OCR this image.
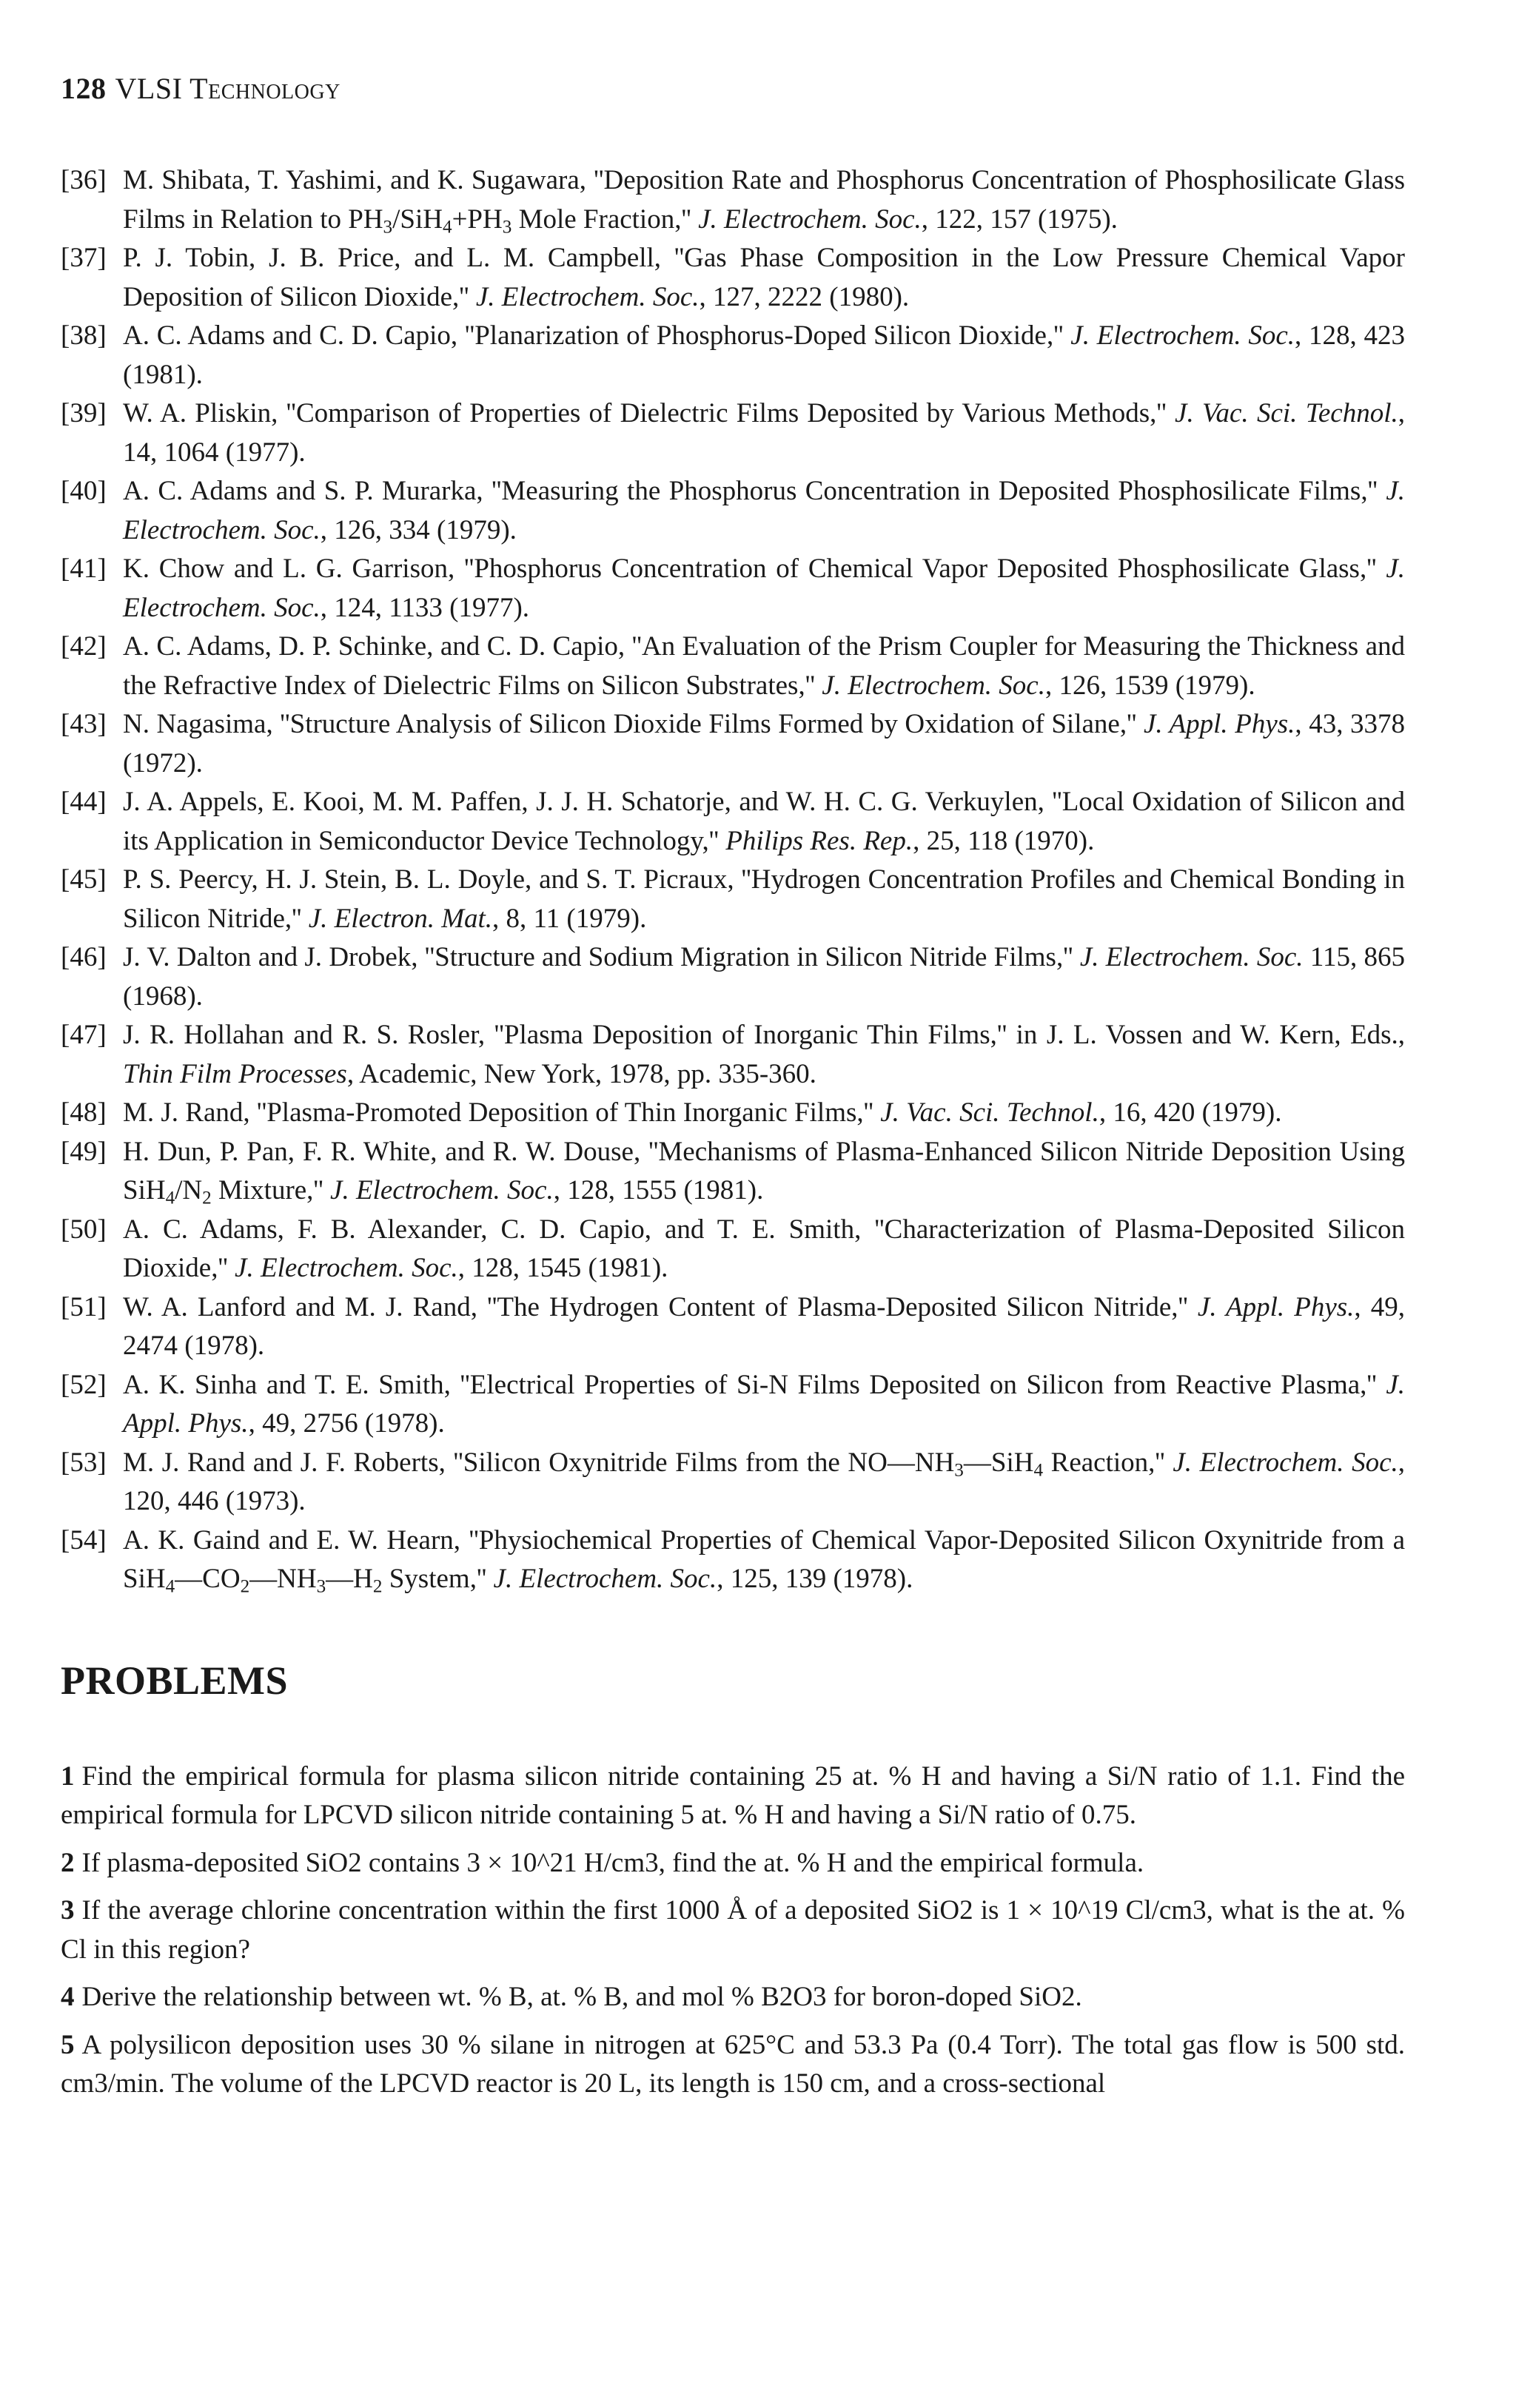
128 VLSI Technology

[36] M. Shibata, T. Yashimi, and K. Sugawara, ''Deposition Rate and Phosphorus Concentration of Phosphosilicate Glass Films in Relation to $PH_3/SiH_4+PH_3$ Mole Fraction,'' J. Electrochem. Soc., 122, 157 (1975).

[37] P. J. Tobin, J. B. Price, and L. M. Campbell, ''Gas Phase Composition in the Low Pressure Chemical Vapor Deposition of Silicon Dioxide,'' J. Electrochem. Soc., 127, 2222 (1980).

[38] A. C. Adams and C. D. Capio, ''Planarization of Phosphorus-Doped Silicon Dioxide,'' J. Electrochem. Soc., 128, 423 (1981).

[39] W. A. Pliskin, ''Comparison of Properties of Dielectric Films Deposited by Various Methods,'' J. Vac. Sci. Technol., 14, 1064 (1977).

[40] A. C. Adams and S. P. Murarka, ''Measuring the Phosphorus Concentration in Deposited Phosphosilicate Films,'' J. Electrochem. Soc., 126, 334 (1979).

[41] K. Chow and L. G. Garrison, ''Phosphorus Concentration of Chemical Vapor Deposited Phosphosilicate Glass,'' J. Electrochem. Soc., 124, 1133 (1977).

[42] A. C. Adams, D. P. Schinke, and C. D. Capio, ''An Evaluation of the Prism Coupler for Measuring the Thickness and the Refractive Index of Dielectric Films on Silicon Substrates,'' J. Electrochem. Soc., 126, 1539 (1979).

[43] N. Nagasima, ''Structure Analysis of Silicon Dioxide Films Formed by Oxidation of Silane,'' J. Appl. Phys., 43, 3378 (1972).

[44] J. A. Appels, E. Kooi, M. M. Paffen, J. J. H. Schatorje, and W. H. C. G. Verkuylen, ''Local Oxidation of Silicon and its Application in Semiconductor Device Technology,'' Philips Res. Rep., 25, 118 (1970).

[45] P. S. Peercy, H. J. Stein, B. L. Doyle, and S. T. Picraux, ''Hydrogen Concentration Profiles and Chemical Bonding in Silicon Nitride,'' J. Electron. Mat., 8, 11 (1979).

[46] J. V. Dalton and J. Drobek, ''Structure and Sodium Migration in Silicon Nitride Films,'' J. Electrochem. Soc. 115, 865 (1968).

[47] J. R. Hollahan and R. S. Rosler, ''Plasma Deposition of Inorganic Thin Films,'' in J. L. Vossen and W. Kern, Eds., Thin Film Processes, Academic, New York, 1978, pp. 335-360.

[48] M. J. Rand, ''Plasma-Promoted Deposition of Thin Inorganic Films,'' J. Vac. Sci. Technol., 16, 420 (1979).

[49] H. Dun, P. Pan, F. R. White, and R. W. Douse, ''Mechanisms of Plasma-Enhanced Silicon Nitride Deposition Using $SiH_4/N_2$ Mixture,'' J. Electrochem. Soc., 128, 1555 (1981).

[50] A. C. Adams, F. B. Alexander, C. D. Capio, and T. E. Smith, ''Characterization of Plasma-Deposited Silicon Dioxide,'' J. Electrochem. Soc., 128, 1545 (1981).

[51] W. A. Lanford and M. J. Rand, ''The Hydrogen Content of Plasma-Deposited Silicon Nitride,'' J. Appl. Phys., 49, 2474 (1978).

[52] A. K. Sinha and T. E. Smith, ''Electrical Properties of Si-N Films Deposited on Silicon from Reactive Plasma,'' J. Appl. Phys., 49, 2756 (1978).

[53] M. J. Rand and J. F. Roberts, ''Silicon Oxynitride Films from the $NO—NH_3—SiH_4$ Reaction,'' J. Electrochem. Soc., 120, 446 (1973).

[54] A. K. Gaind and E. W. Hearn, ''Physiochemical Properties of Chemical Vapor-Deposited Silicon Oxynitride from a $SiH_4—CO_2—NH_3—H_2$ System,'' J. Electrochem. Soc., 125, 139 (1978).

PROBLEMS

1 Find the empirical formula for plasma silicon nitride containing 25 at. % H and having a Si/N ratio of 1.1. Find the empirical formula for LPCVD silicon nitride containing 5 at. % H and having a Si/N ratio of 0.75.

2 If plasma-deposited SiO2 contains 3 × 10^21 H/cm3, find the at. % H and the empirical formula.

3 If the average chlorine concentration within the first 1000 Å of a deposited SiO2 is 1 × 10^19 Cl/cm3, what is the at. % Cl in this region?

4 Derive the relationship between wt. % B, at. % B, and mol % B2O3 for boron-doped SiO2.

5 A polysilicon deposition uses 30 % silane in nitrogen at 625°C and 53.3 Pa (0.4 Torr). The total gas flow is 500 std. cm3/min. The volume of the LPCVD reactor is 20 L, its length is 150 cm, and a cross-sectional
